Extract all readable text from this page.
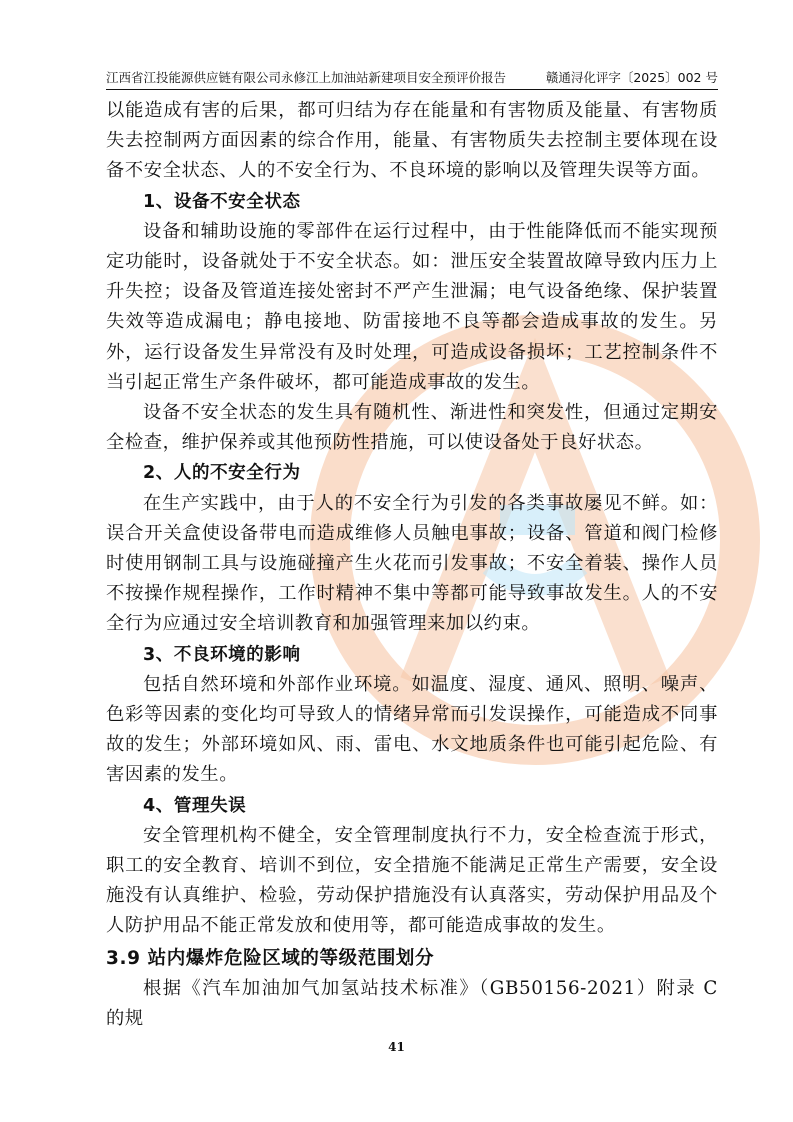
江西省江投能源供应链有限公司永修江上加油站新建项目安全预评价报告	赣通浔化评字〔2025〕002 号

以能造成有害的后果，都可归结为存在能量和有害物质及能量、有害物质失去控制两方面因素的综合作用，能量、有害物质失去控制主要体现在设备不安全状态、人的不安全行为、不良环境的影响以及管理失误等方面。

1、设备不安全状态

设备和辅助设施的零部件在运行过程中，由于性能降低而不能实现预定功能时，设备就处于不安全状态。如：泄压安全装置故障导致内压力上升失控；设备及管道连接处密封不严产生泄漏；电气设备绝缘、保护装置失效等造成漏电；静电接地、防雷接地不良等都会造成事故的发生。另外，运行设备发生异常没有及时处理，可造成设备损坏；工艺控制条件不当引起正常生产条件破坏，都可能造成事故的发生。

设备不安全状态的发生具有随机性、渐进性和突发性，但通过定期安全检查，维护保养或其他预防性措施，可以使设备处于良好状态。

2、人的不安全行为

在生产实践中，由于人的不安全行为引发的各类事故屡见不鲜。如：误合开关盒使设备带电而造成维修人员触电事故；设备、管道和阀门检修时使用钢制工具与设施碰撞产生火花而引发事故；不安全着装、操作人员不按操作规程操作，工作时精神不集中等都可能导致事故发生。人的不安全行为应通过安全培训教育和加强管理来加以约束。

3、不良环境的影响

包括自然环境和外部作业环境。如温度、湿度、通风、照明、噪声、色彩等因素的变化均可导致人的情绪异常而引发误操作，可能造成不同事故的发生；外部环境如风、雨、雷电、水文地质条件也可能引起危险、有害因素的发生。

4、管理失误

安全管理机构不健全，安全管理制度执行不力，安全检查流于形式，职工的安全教育、培训不到位，安全措施不能满足正常生产需要，安全设施没有认真维护、检验，劳动保护措施没有认真落实，劳动保护用品及个人防护用品不能正常发放和使用等，都可能造成事故的发生。

3.9 站内爆炸危险区域的等级范围划分

根据《汽车加油加气加氢站技术标准》（GB50156-2021）附录 C 的规

41
